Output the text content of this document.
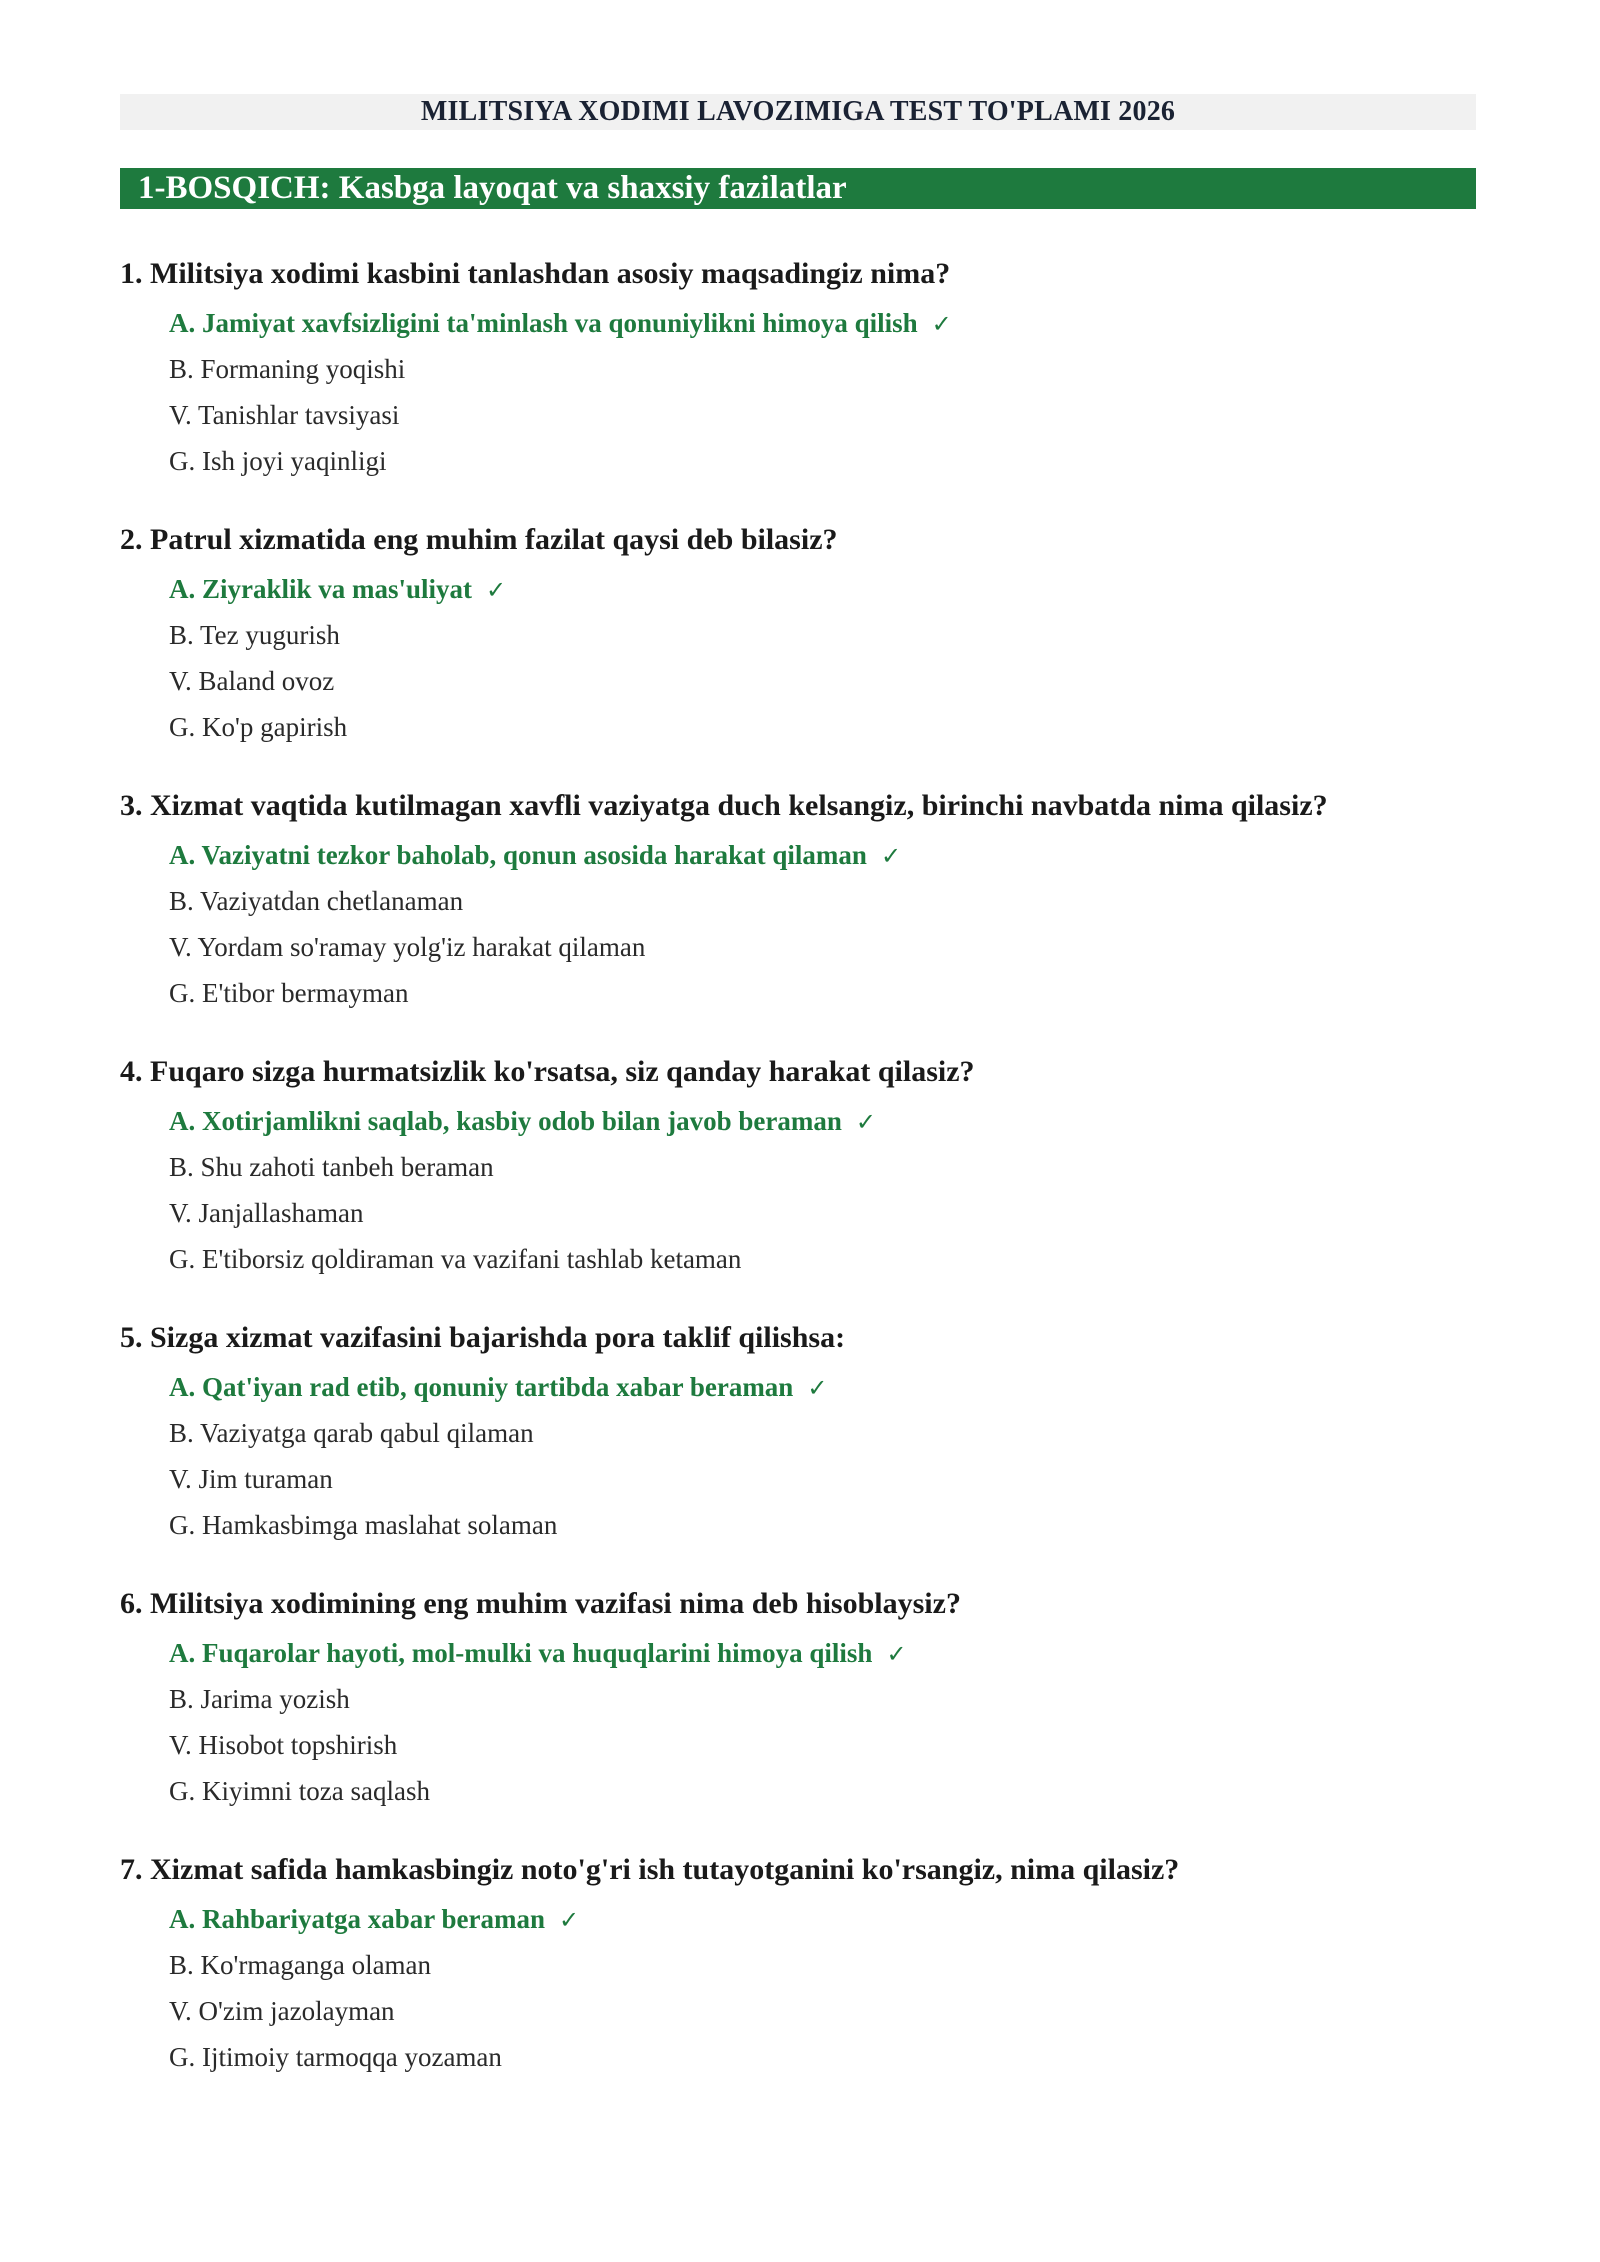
MILITSIYA XODIMI LAVOZIMIGA TEST TO'PLAMI 2026
1-BOSQICH: Kasbga layoqat va shaxsiy fazilatlar
1. Militsiya xodimi kasbini tanlashdan asosiy maqsadingiz nima?
A. Jamiyat xavfsizligini ta'minlash va qonuniylikni himoya qilish ✓
B. Formaning yoqishi
V. Tanishlar tavsiyasi
G. Ish joyi yaqinligi
2. Patrul xizmatida eng muhim fazilat qaysi deb bilasiz?
A. Ziyraklik va mas'uliyat ✓
B. Tez yugurish
V. Baland ovoz
G. Ko'p gapirish
3. Xizmat vaqtida kutilmagan xavfli vaziyatga duch kelsangiz, birinchi navbatda nima qilasiz?
A. Vaziyatni tezkor baholab, qonun asosida harakat qilaman ✓
B. Vaziyatdan chetlanaman
V. Yordam so'ramay yolg'iz harakat qilaman
G. E'tibor bermayman
4. Fuqaro sizga hurmatsizlik ko'rsatsa, siz qanday harakat qilasiz?
A. Xotirjamlikni saqlab, kasbiy odob bilan javob beraman ✓
B. Shu zahoti tanbeh beraman
V. Janjallashaman
G. E'tiborsiz qoldiraman va vazifani tashlab ketaman
5. Sizga xizmat vazifasini bajarishda pora taklif qilishsa:
A. Qat'iyan rad etib, qonuniy tartibda xabar beraman ✓
B. Vaziyatga qarab qabul qilaman
V. Jim turaman
G. Hamkasbimga maslahat solaman
6. Militsiya xodimining eng muhim vazifasi nima deb hisoblaysiz?
A. Fuqarolar hayoti, mol-mulki va huquqlarini himoya qilish ✓
B. Jarima yozish
V. Hisobot topshirish
G. Kiyimni toza saqlash
7. Xizmat safida hamkasbingiz noto'g'ri ish tutayotganini ko'rsangiz, nima qilasiz?
A. Rahbariyatga xabar beraman ✓
B. Ko'rmaganga olaman
V. O'zim jazolayman
G. Ijtimoiy tarmoqqa yozaman
